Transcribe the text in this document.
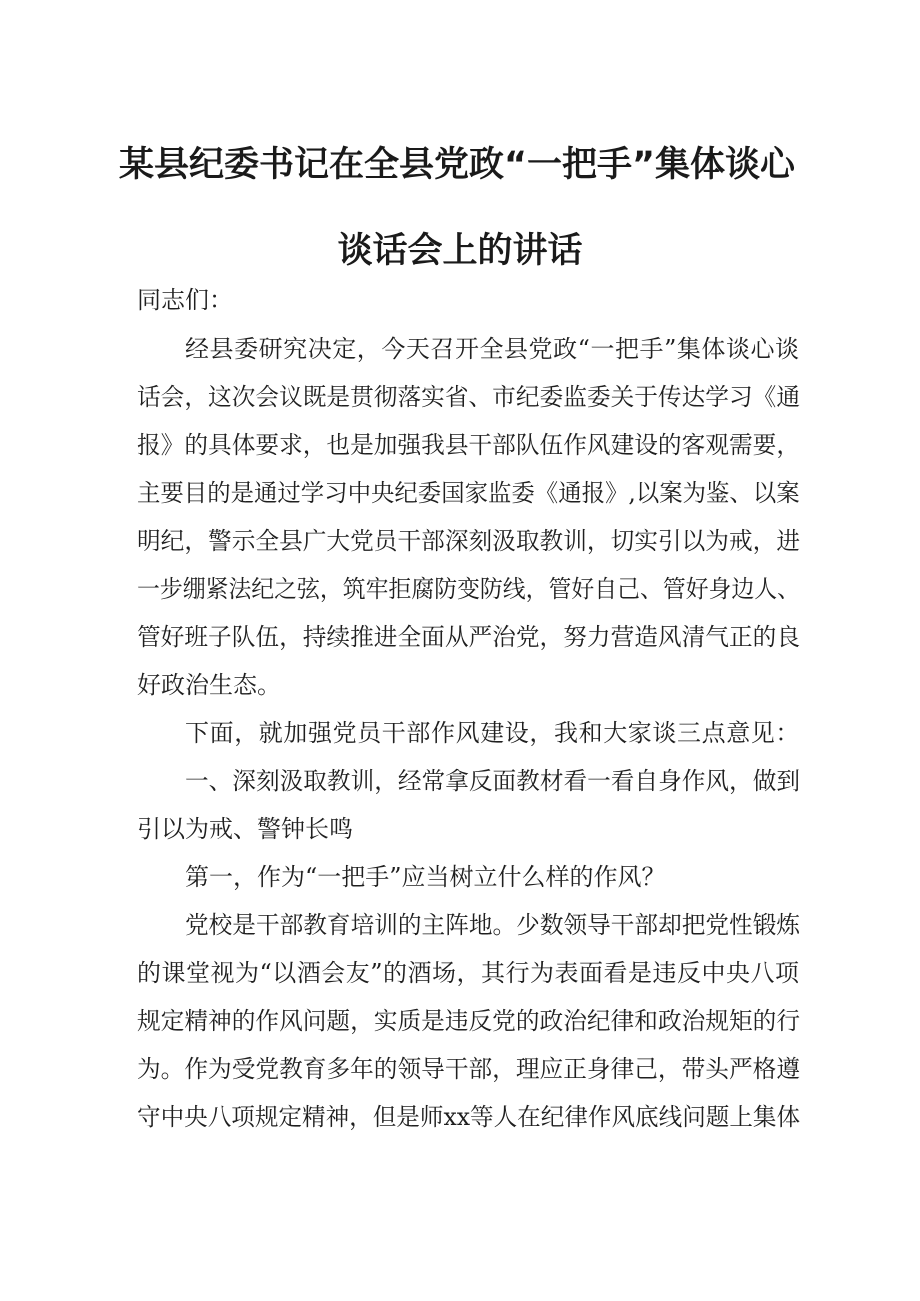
某县纪委书记在全县党政“一把手”集体谈心
谈话会上的讲话
同志们：
经县委研究决定，今天召开全县党政“一把手”集体谈心谈
话会，这次会议既是贯彻落实省、市纪委监委关于传达学习《通
报》的具体要求，也是加强我县干部队伍作风建设的客观需要，
主要目的是通过学习中央纪委国家监委《通报》,以案为鉴、以案
明纪，警示全县广大党员干部深刻汲取教训，切实引以为戒，进
一步绷紧法纪之弦，筑牢拒腐防变防线，管好自己、管好身边人、
管好班子队伍，持续推进全面从严治党，努力营造风清气正的良
好政治生态。
下面，就加强党员干部作风建设，我和大家谈三点意见：
一、深刻汲取教训，经常拿反面教材看一看自身作风，做到
引以为戒、警钟长鸣
第一，作为“一把手”应当树立什么样的作风？
党校是干部教育培训的主阵地。少数领导干部却把党性锻炼
的课堂视为“以酒会友”的酒场，其行为表面看是违反中央八项
规定精神的作风问题，实质是违反党的政治纪律和政治规矩的行
为。作为受党教育多年的领导干部，理应正身律己，带头严格遵
守中央八项规定精神，但是师xx等人在纪律作风底线问题上集体
